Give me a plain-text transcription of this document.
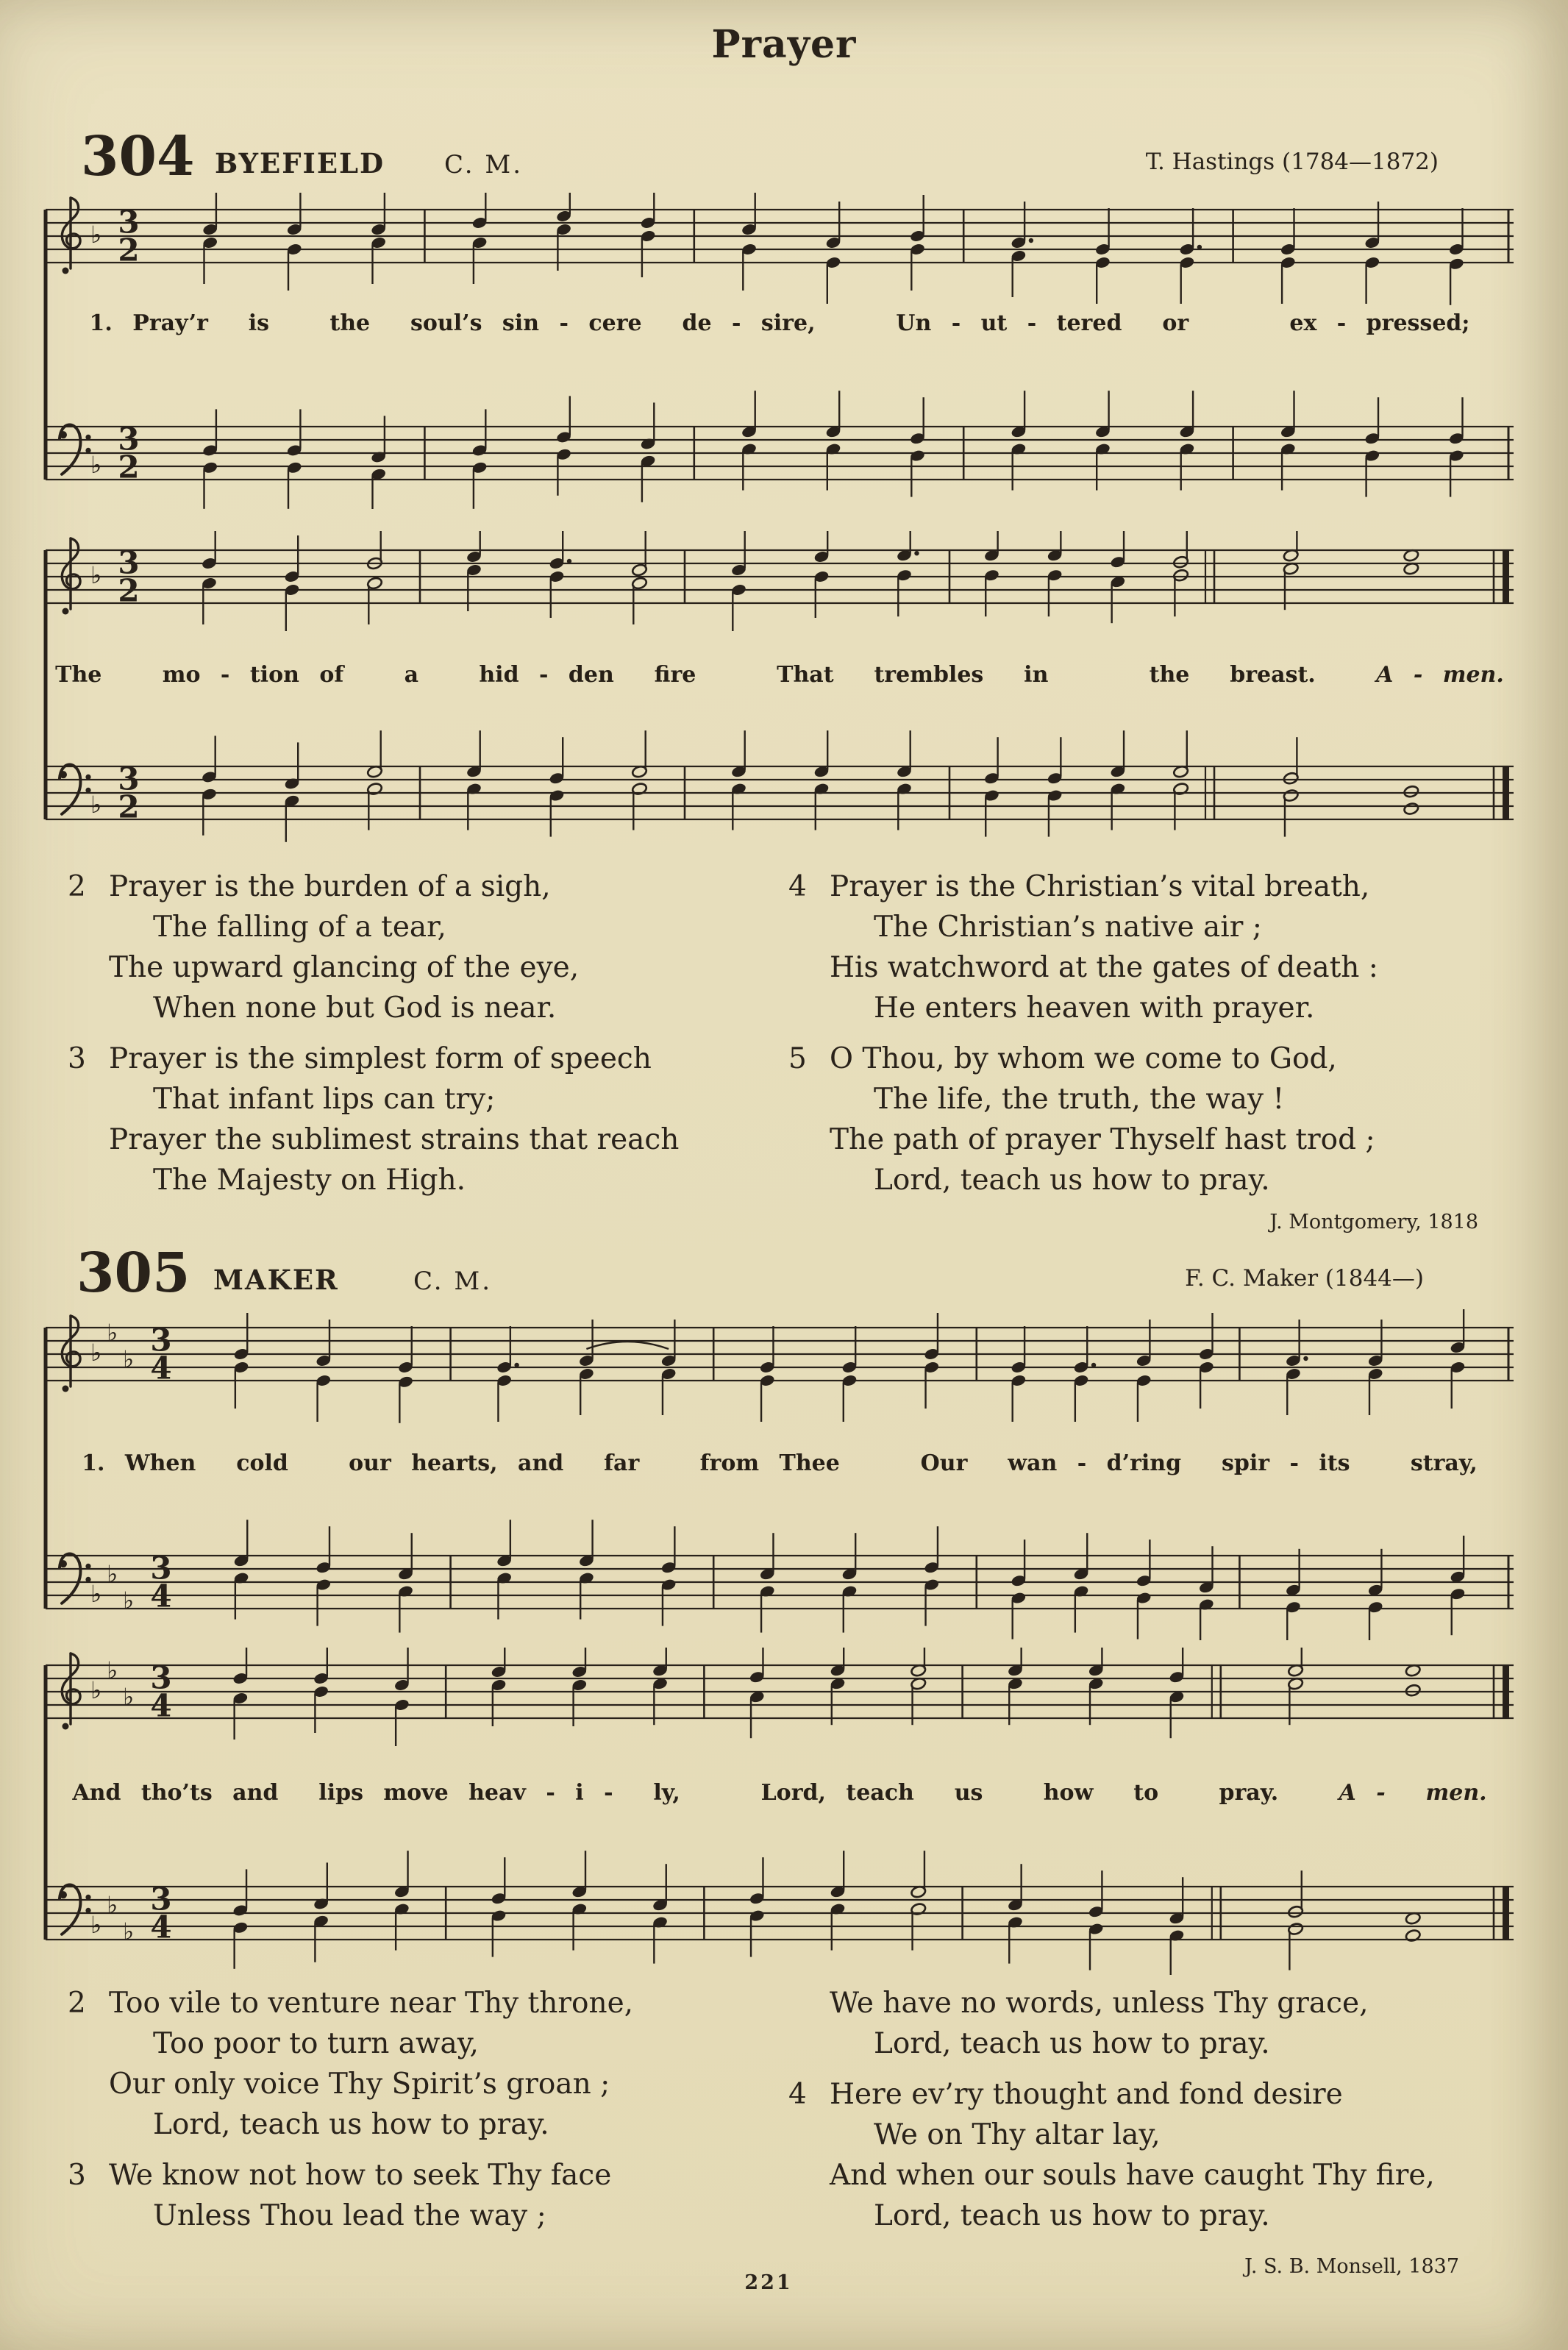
Prayer
304 BYEFIELD C. M.	T. Hastings (1784—1872)
♭
♭
3
2
3
2
1. Pray’r  is   the  soul’s sin - cere  de - sire,    Un - ut - tered  or     ex - pressed;
♭
♭
3
2
3
2
The   mo - tion of   a   hid - den  fire    That  trembles  in     the  breast.	A - men.
2 Prayer is the burden of a sigh,
The falling of a tear,
The upward glancing of the eye,
When none but God is near.
3 Prayer is the simplest form of speech
That infant lips can try;
Prayer the sublimest strains that reach
The Majesty on High.
4 Prayer is the Christian’s vital breath,
The Christian’s native air ;
His watchword at the gates of death :
He enters heaven with prayer.
5 O Thou, by whom we come to God,
The life, the truth, the way !
The path of prayer Thyself hast trod ;
Lord, teach us how to pray.
J. Montgomery, 1818
305 MAKER	C. M.	F. C. Maker (1844—)
♭
♭
♭
♭
♭
♭
3
4
3
4
1. When  cold   our hearts, and  far   from Thee    Our  wan - d’ring  spir - its   stray,
♭
♭
♭
♭
♭
♭
3
4
3
4
And tho’ts and  lips move heav - i -  ly,    Lord, teach  us   how  to   pray.	A -  men.
2 Too vile to venture near Thy throne,
Too poor to turn away,
Our only voice Thy Spirit’s groan ;
Lord, teach us how to pray.
3 We know not how to seek Thy face
Unless Thou lead the way ;
We have no words, unless Thy grace,
Lord, teach us how to pray.
4 Here ev’ry thought and fond desire
We on Thy altar lay,
And when our souls have caught Thy fire,
Lord, teach us how to pray.
J. S. B. Monsell, 1837
221
